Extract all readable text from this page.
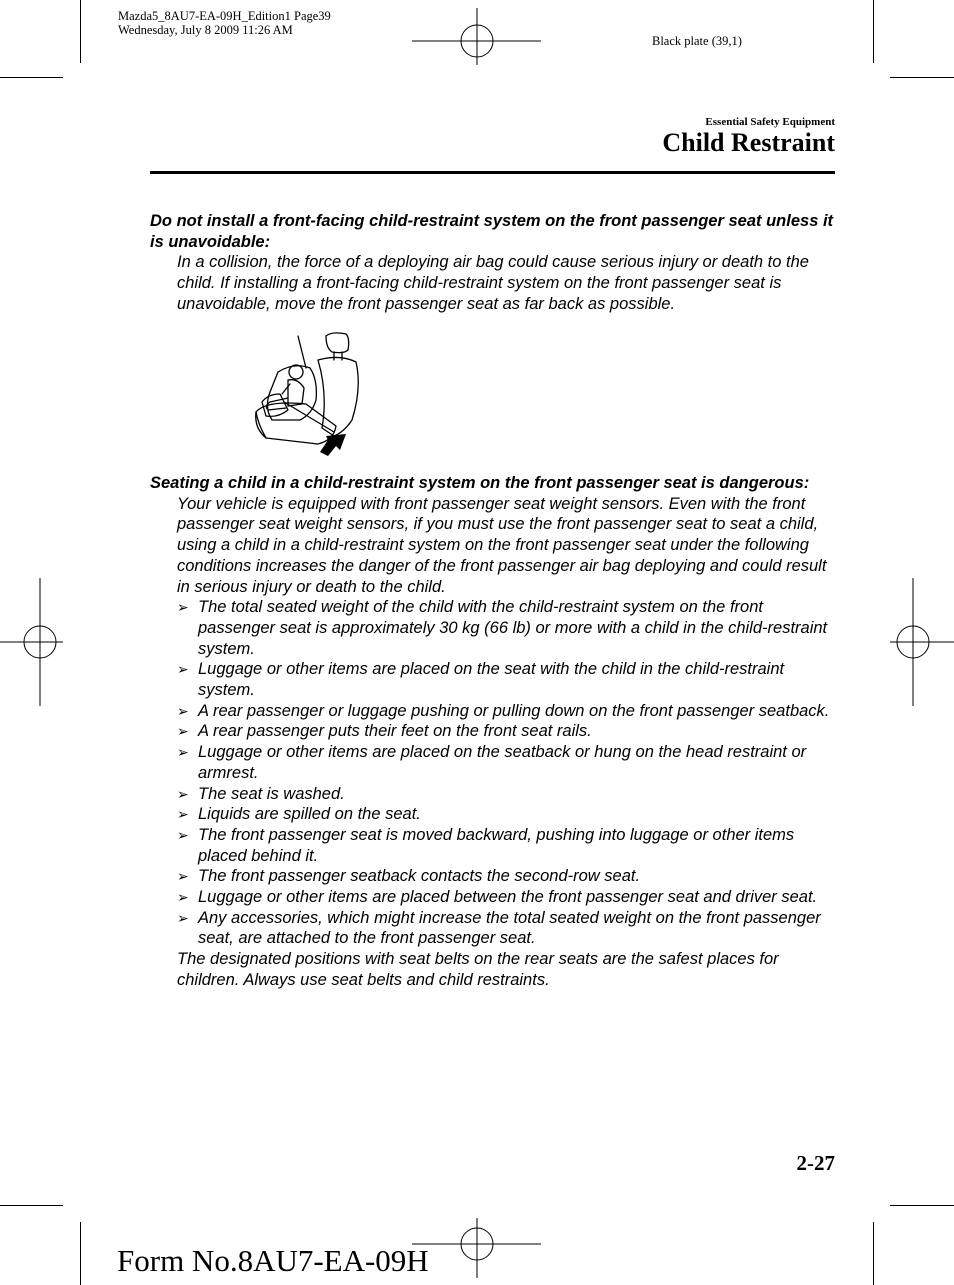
Mazda5_8AU7-EA-09H_Edition1 Page39
Wednesday, July 8 2009 11:26 AM
Black plate (39,1)
Essential Safety Equipment
Child Restraint
Do not install a front-facing child-restraint system on the front passenger seat unless it is unavoidable:
In a collision, the force of a deploying air bag could cause serious injury or death to the child. If installing a front-facing child-restraint system on the front passenger seat is unavoidable, move the front passenger seat as far back as possible.
Seating a child in a child-restraint system on the front passenger seat is dangerous:
Your vehicle is equipped with front passenger seat weight sensors. Even with the front passenger seat weight sensors, if you must use the front passenger seat to seat a child, using a child in a child-restraint system on the front passenger seat under the following conditions increases the danger of the front passenger air bag deploying and could result in serious injury or death to the child.
➢ The total seated weight of the child with the child-restraint system on the front passenger seat is approximately 30 kg (66 lb) or more with a child in the child-restraint system.
➢ Luggage or other items are placed on the seat with the child in the child-restraint system.
➢ A rear passenger or luggage pushing or pulling down on the front passenger seatback.
➢ A rear passenger puts their feet on the front seat rails.
➢ Luggage or other items are placed on the seatback or hung on the head restraint or armrest.
➢ The seat is washed.
➢ Liquids are spilled on the seat.
➢ The front passenger seat is moved backward, pushing into luggage or other items placed behind it.
➢ The front passenger seatback contacts the second-row seat.
➢ Luggage or other items are placed between the front passenger seat and driver seat.
➢ Any accessories, which might increase the total seated weight on the front passenger seat, are attached to the front passenger seat.
The designated positions with seat belts on the rear seats are the safest places for children. Always use seat belts and child restraints.
2-27
Form No.8AU7-EA-09H
